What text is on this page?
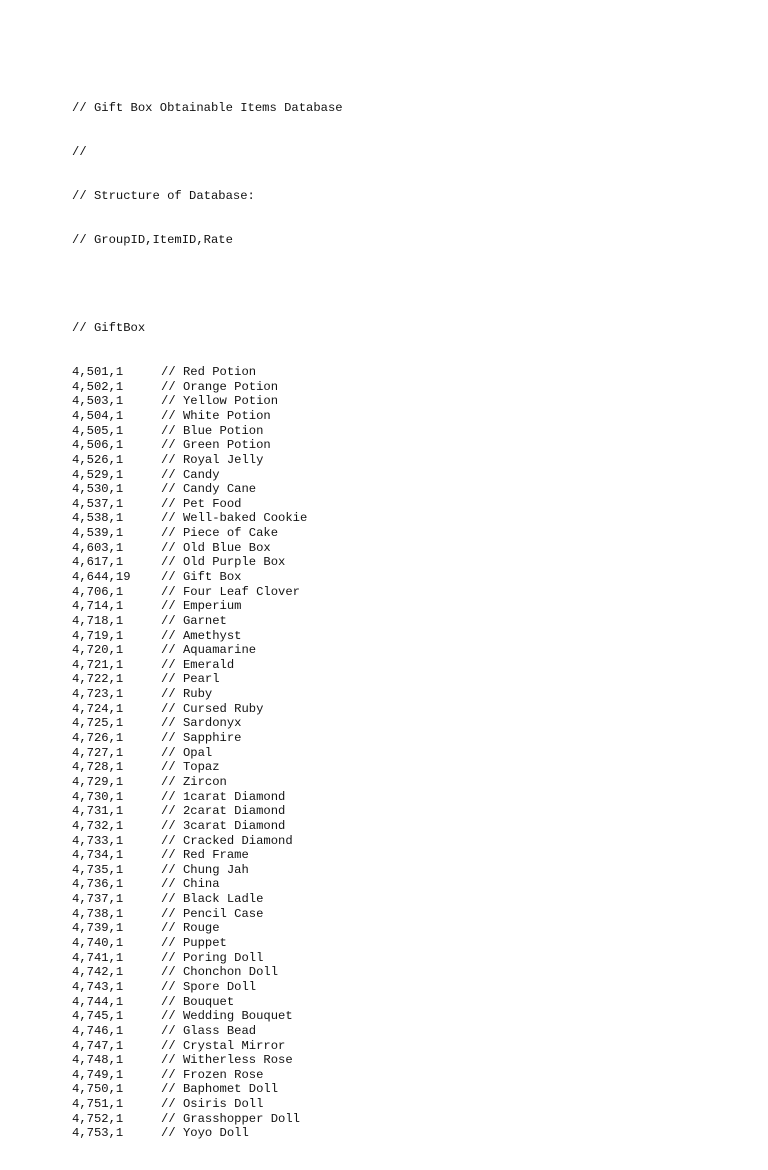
// Gift Box Obtainable Items Database

//

// Structure of Database:

// GroupID,ItemID,Rate

// GiftBox

4,501,1	// Red Potion
4,502,1	// Orange Potion
4,503,1	// Yellow Potion
4,504,1	// White Potion
4,505,1	// Blue Potion
4,506,1	// Green Potion
4,526,1	// Royal Jelly
4,529,1	// Candy
4,530,1	// Candy Cane
4,537,1	// Pet Food
4,538,1	// Well-baked Cookie
4,539,1	// Piece of Cake
4,603,1	// Old Blue Box
4,617,1	// Old Purple Box
4,644,19	// Gift Box
4,706,1	// Four Leaf Clover
4,714,1	// Emperium
4,718,1	// Garnet
4,719,1	// Amethyst
4,720,1	// Aquamarine
4,721,1	// Emerald
4,722,1	// Pearl
4,723,1	// Ruby
4,724,1	// Cursed Ruby
4,725,1	// Sardonyx
4,726,1	// Sapphire
4,727,1	// Opal
4,728,1	// Topaz
4,729,1	// Zircon
4,730,1	// 1carat Diamond
4,731,1	// 2carat Diamond
4,732,1	// 3carat Diamond
4,733,1	// Cracked Diamond
4,734,1	// Red Frame
4,735,1	// Chung Jah
4,736,1	// China
4,737,1	// Black Ladle
4,738,1	// Pencil Case
4,739,1	// Rouge
4,740,1	// Puppet
4,741,1	// Poring Doll
4,742,1	// Chonchon Doll
4,743,1	// Spore Doll
4,744,1	// Bouquet
4,745,1	// Wedding Bouquet
4,746,1	// Glass Bead
4,747,1	// Crystal Mirror
4,748,1	// Witherless Rose
4,749,1	// Frozen Rose
4,750,1	// Baphomet Doll
4,751,1	// Osiris Doll
4,752,1	// Grasshopper Doll
4,753,1	// Yoyo Doll
